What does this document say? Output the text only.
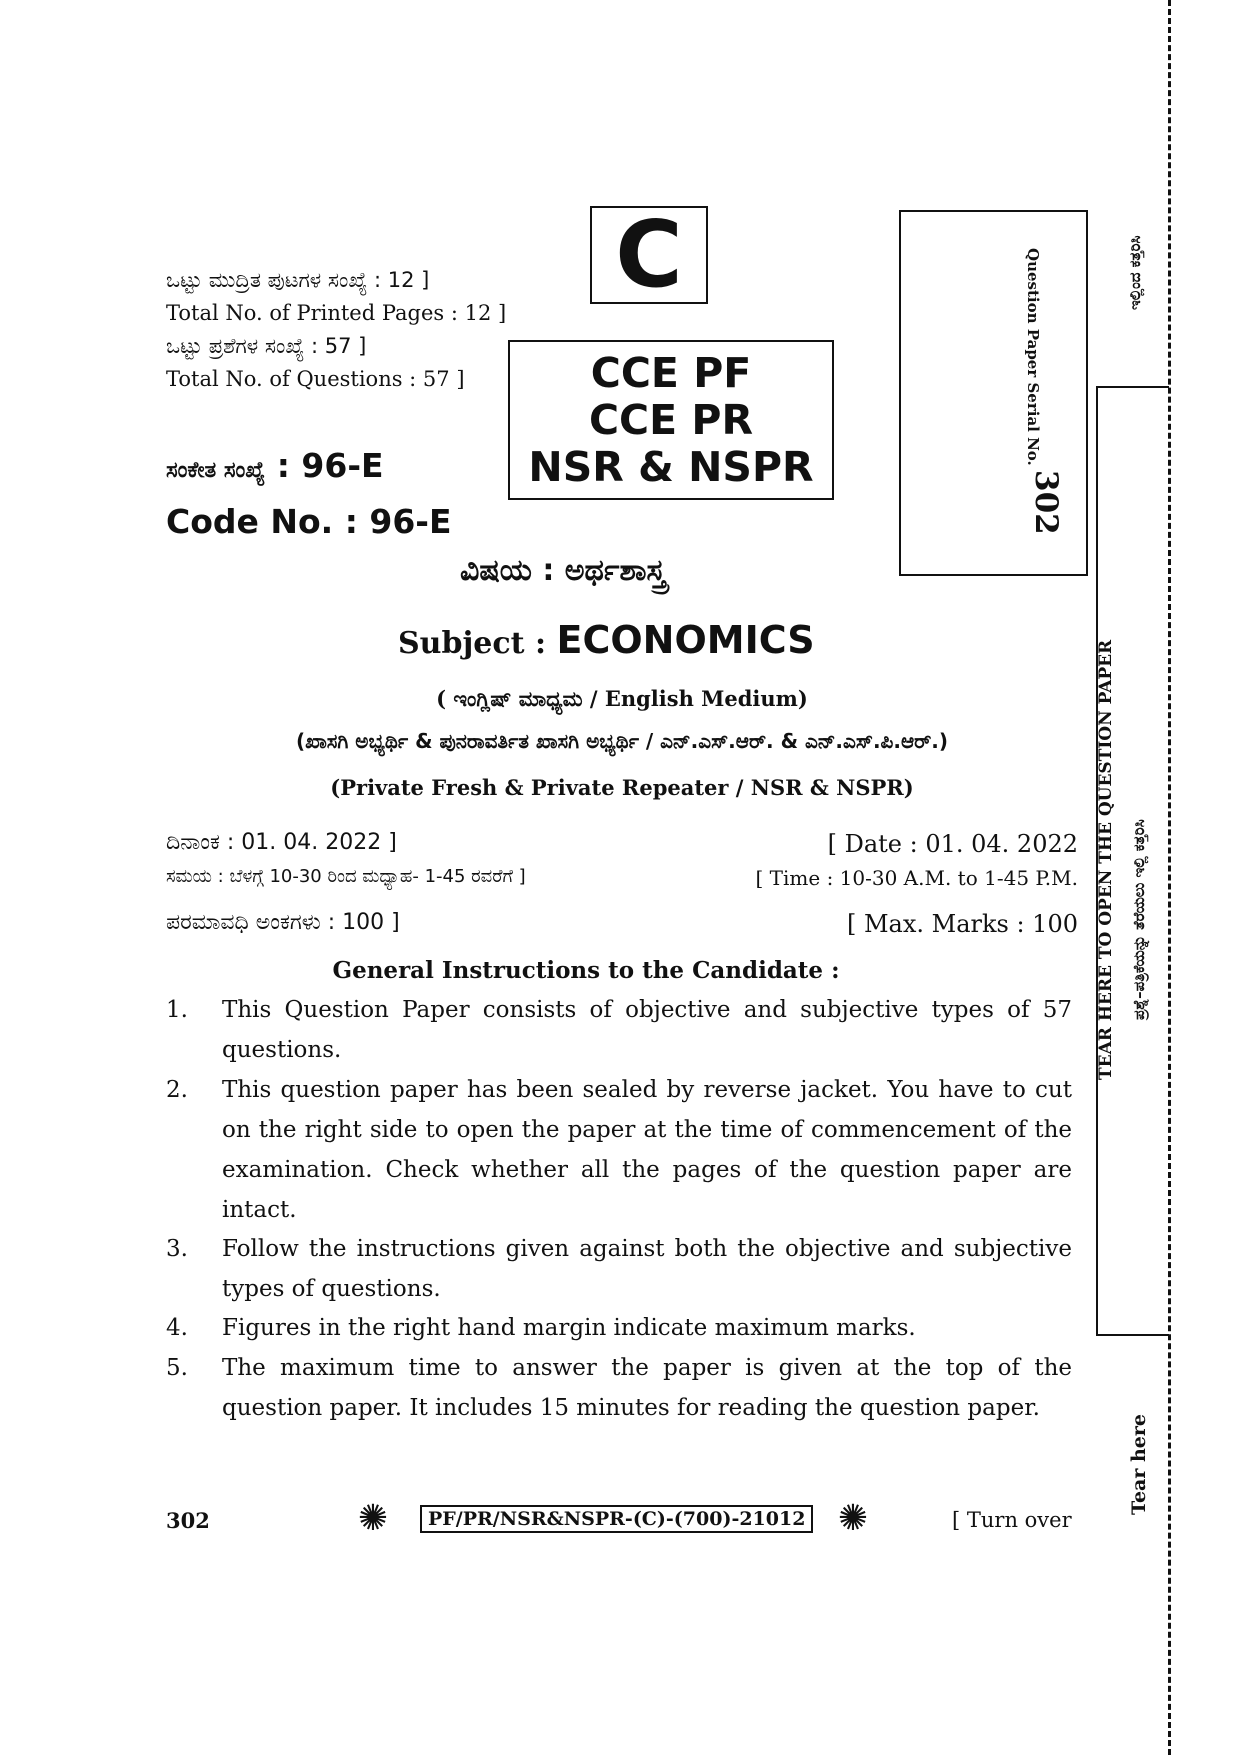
ಒಟ್ಟು ಮುದ್ರಿತ ಪುಟಗಳ ಸಂಖ್ಯೆ : 12 ]
Total No. of Printed Pages : 12 ]
ಒಟ್ಟು ಪ್ರಶೆಗಳ ಸಂಖ್ಯೆ : 57 ]
Total No. of Questions : 57 ]
C
CCE PF
CCE PR
NSR & NSPR
ಸಂಕೇತ ಸಂಖ್ಯೆ : 96-E
Code No. : 96-E
Question Paper Serial No.
302
ವಿಷಯ : ಅರ್ಥಶಾಸ್ತ್ರ
Subject : ECONOMICS
( ಇಂಗ್ಲಿಷ್ ಮಾಧ್ಯಮ / English Medium)
(ಖಾಸಗಿ ಅಭ್ಯರ್ಥಿ & ಪುನರಾವರ್ತಿತ ಖಾಸಗಿ ಅಭ್ಯರ್ಥಿ / ಎನ್.ಎಸ್.ಆರ್. & ಎನ್.ಎಸ್.ಪಿ.ಆರ್.)
(Private Fresh & Private Repeater / NSR & NSPR)
ದಿನಾಂಕ : 01. 04. 2022 ]	[ Date : 01. 04. 2022
ಸಮಯ : ಬೆಳಗ್ಗೆ 10-30 ರಿಂದ ಮಧ್ಯಾಹ- 1-45 ರವರೆಗೆ ]	[ Time : 10-30 A.M. to 1-45 P.M.
ಪರಮಾವಧಿ ಅಂಕಗಳು : 100 ]	[ Max. Marks : 100
General Instructions to the Candidate :
1.	This Question Paper consists of objective and subjective types of 57 questions.
2.	This question paper has been sealed by reverse jacket. You have to cut on the right side to open the paper at the time of commencement of the examination. Check whether all the pages of the question paper are intact.
3.	Follow the instructions given against both the objective and subjective types of questions.
4.	Figures in the right hand margin indicate maximum marks.
5.	The maximum time to answer the paper is given at the top of the question paper. It includes 15 minutes for reading the question paper.
302	✺	PF/PR/NSR&NSPR-(C)-(700)-21012 ✺	[ Turn over
ಇಲ್ಲಿಂದ ಕತ್ತರಿಸಿ
TEAR HERE TO OPEN THE QUESTION PAPER ಪ್ರಶ್ನೆ–ಪತ್ರಿಕೆಯನ್ನು ತೆರೆಯಲು ಇಲ್ಲಿ ಕತ್ತರಿಸಿ
Tear here
